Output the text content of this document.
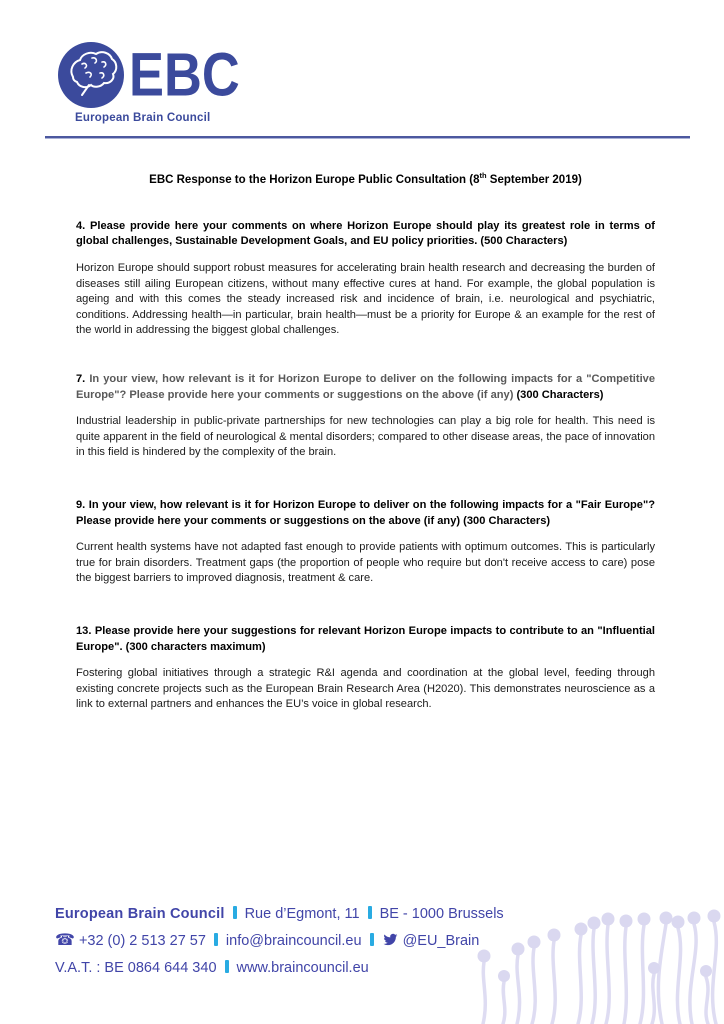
EBC
European Brain Council
EBC Response to the Horizon Europe Public Consultation (8th September 2019)

4. Please provide here your comments on where Horizon Europe should play its greatest role in terms of global challenges, Sustainable Development Goals, and EU policy priorities. (500 Characters)

Horizon Europe should support robust measures for accelerating brain health research and decreasing the burden of diseases still ailing European citizens, without many effective cures at hand. For example, the global population is ageing and with this comes the steady increased risk and incidence of brain, i.e. neurological and psychiatric, conditions. Addressing health—in particular, brain health—must be a priority for Europe & an example for the rest of the world in addressing the biggest global challenges.

7. In your view, how relevant is it for Horizon Europe to deliver on the following impacts for a "Competitive Europe"? Please provide here your comments or suggestions on the above (if any) (300 Characters)

Industrial leadership in public-private partnerships for new technologies can play a big role for health. This need is quite apparent in the field of neurological & mental disorders; compared to other disease areas, the pace of innovation in this field is hindered by the complexity of the brain.

9. In your view, how relevant is it for Horizon Europe to deliver on the following impacts for a "Fair Europe"? Please provide here your comments or suggestions on the above (if any) (300 Characters)

Current health systems have not adapted fast enough to provide patients with optimum outcomes. This is particularly true for brain disorders. Treatment gaps (the proportion of people who require but don't receive access to care) pose the biggest barriers to improved diagnosis, treatment & care.

13. Please provide here your suggestions for relevant Horizon Europe impacts to contribute to an "Influential Europe". (300 characters maximum)

Fostering global initiatives through a strategic R&I agenda and coordination at the global level, feeding through existing concrete projects such as the European Brain Research Area (H2020). This demonstrates neuroscience as a link to external partners and enhances the EU’s voice in global research.

European Brain Council Rue d’Egmont, 11 BE - 1000 Brussels
☎ +32 (0) 2 513 27 57 info@braincouncil.eu	@EU_Brain
V.A.T. : BE 0864 644 340 www.braincouncil.eu
